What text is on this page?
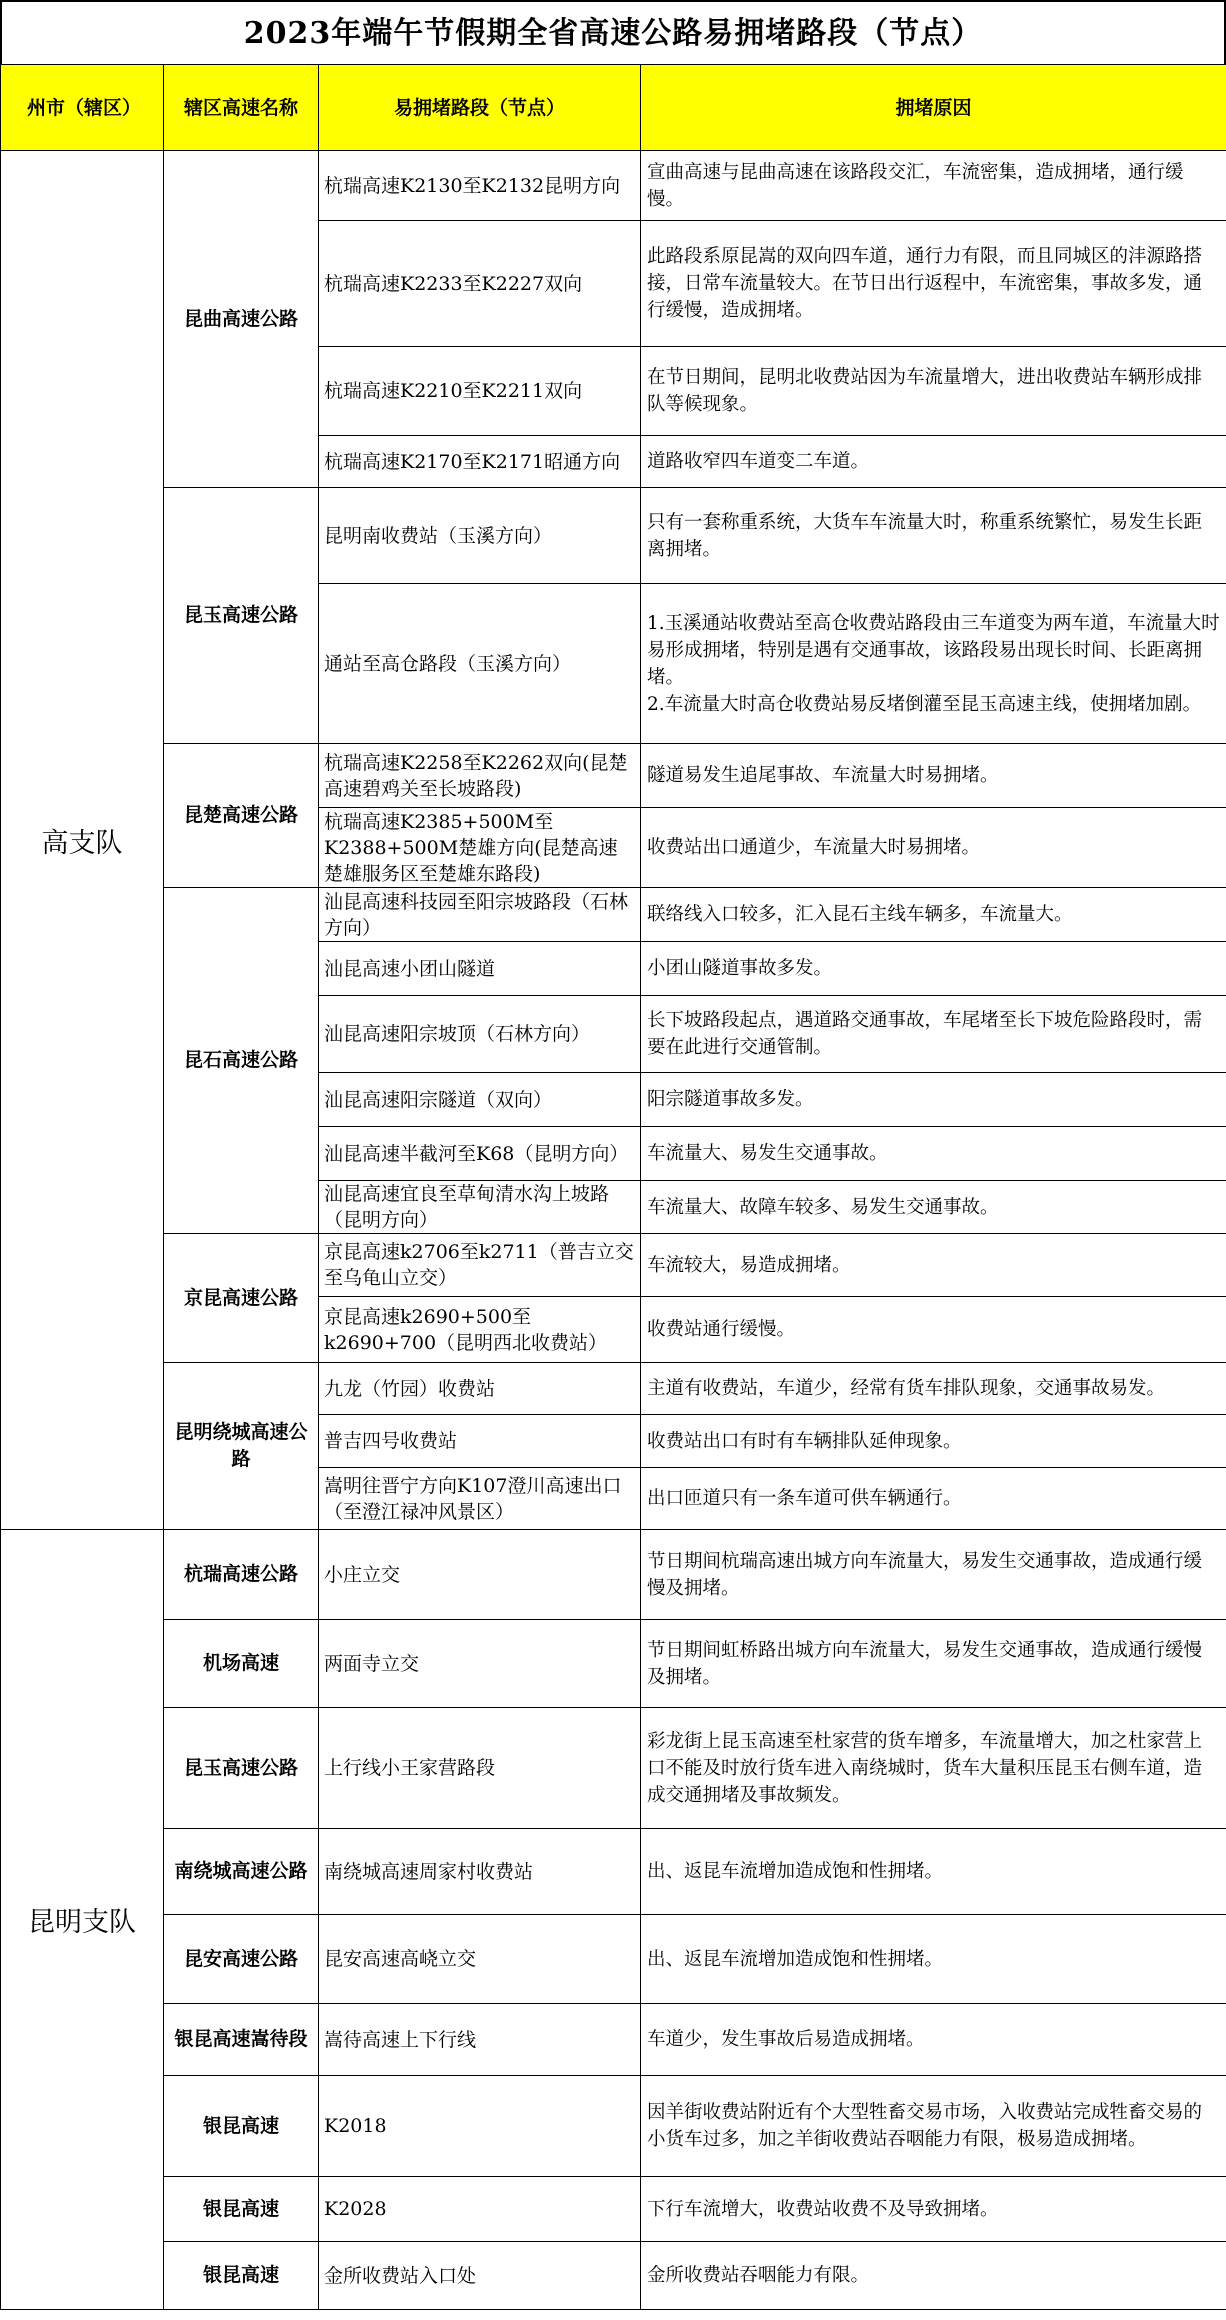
2023年端午节假期全省高速公路易拥堵路段（节点）
州市（辖区）	辖区高速名称	易拥堵路段（节点）	拥堵原因
高支队	昆曲高速公路	杭瑞高速K2130至K2132昆明方向	宣曲高速与昆曲高速在该路段交汇，车流密集，造成拥堵，通行缓慢。
		杭瑞高速K2233至K2227双向	此路段系原昆嵩的双向四车道，通行力有限，而且同城区的沣源路搭接，日常车流量较大。在节日出行返程中，车流密集，事故多发，通行缓慢，造成拥堵。
		杭瑞高速K2210至K2211双向	在节日期间，昆明北收费站因为车流量增大，进出收费站车辆形成排队等候现象。
		杭瑞高速K2170至K2171昭通方向	道路收窄四车道变二车道。
	昆玉高速公路	昆明南收费站（玉溪方向）	只有一套称重系统，大货车车流量大时，称重系统繁忙，易发生长距离拥堵。
		通站至高仓路段（玉溪方向）	1.玉溪通站收费站至高仓收费站路段由三车道变为两车道，车流量大时易形成拥堵，特别是遇有交通事故，该路段易出现长时间、长距离拥堵。
2.车流量大时高仓收费站易反堵倒灌至昆玉高速主线，使拥堵加剧。
	昆楚高速公路	杭瑞高速K2258至K2262双向(昆楚高速碧鸡关至长坡路段)	隧道易发生追尾事故、车流量大时易拥堵。
		杭瑞高速K2385+500M至K2388+500M楚雄方向(昆楚高速楚雄服务区至楚雄东路段)	收费站出口通道少，车流量大时易拥堵。
	昆石高速公路	汕昆高速科技园至阳宗坡路段（石林方向）	联络线入口较多，汇入昆石主线车辆多，车流量大。
		汕昆高速小团山隧道	小团山隧道事故多发。
		汕昆高速阳宗坡顶（石林方向）	长下坡路段起点，遇道路交通事故，车尾堵至长下坡危险路段时，需要在此进行交通管制。
		汕昆高速阳宗隧道（双向）	阳宗隧道事故多发。
		汕昆高速半截河至K68（昆明方向）	车流量大、易发生交通事故。
		汕昆高速宜良至草甸清水沟上坡路（昆明方向）	车流量大、故障车较多、易发生交通事故。
	京昆高速公路	京昆高速k2706至k2711（普吉立交至乌龟山立交）	车流较大，易造成拥堵。
		京昆高速k2690+500至k2690+700（昆明西北收费站）	收费站通行缓慢。
	昆明绕城高速公路	九龙（竹园）收费站	主道有收费站，车道少，经常有货车排队现象，交通事故易发。
		普吉四号收费站	收费站出口有时有车辆排队延伸现象。
		嵩明往晋宁方向K107澄川高速出口（至澄江禄冲风景区）	出口匝道只有一条车道可供车辆通行。
昆明支队	杭瑞高速公路	小庄立交	节日期间杭瑞高速出城方向车流量大，易发生交通事故，造成通行缓慢及拥堵。
	机场高速	两面寺立交	节日期间虹桥路出城方向车流量大，易发生交通事故，造成通行缓慢及拥堵。
	昆玉高速公路	上行线小王家营路段	彩龙街上昆玉高速至杜家营的货车增多，车流量增大，加之杜家营上口不能及时放行货车进入南绕城时，货车大量积压昆玉右侧车道，造成交通拥堵及事故频发。
	南绕城高速公路	南绕城高速周家村收费站	出、返昆车流增加造成饱和性拥堵。
	昆安高速公路	昆安高速高峣立交	出、返昆车流增加造成饱和性拥堵。
	银昆高速嵩待段	嵩待高速上下行线	车道少，发生事故后易造成拥堵。
	银昆高速	K2018	因羊街收费站附近有个大型牲畜交易市场，入收费站完成牲畜交易的小货车过多，加之羊街收费站吞咽能力有限，极易造成拥堵。
	银昆高速	K2028	下行车流增大，收费站收费不及导致拥堵。
	银昆高速	金所收费站入口处	金所收费站吞咽能力有限。
